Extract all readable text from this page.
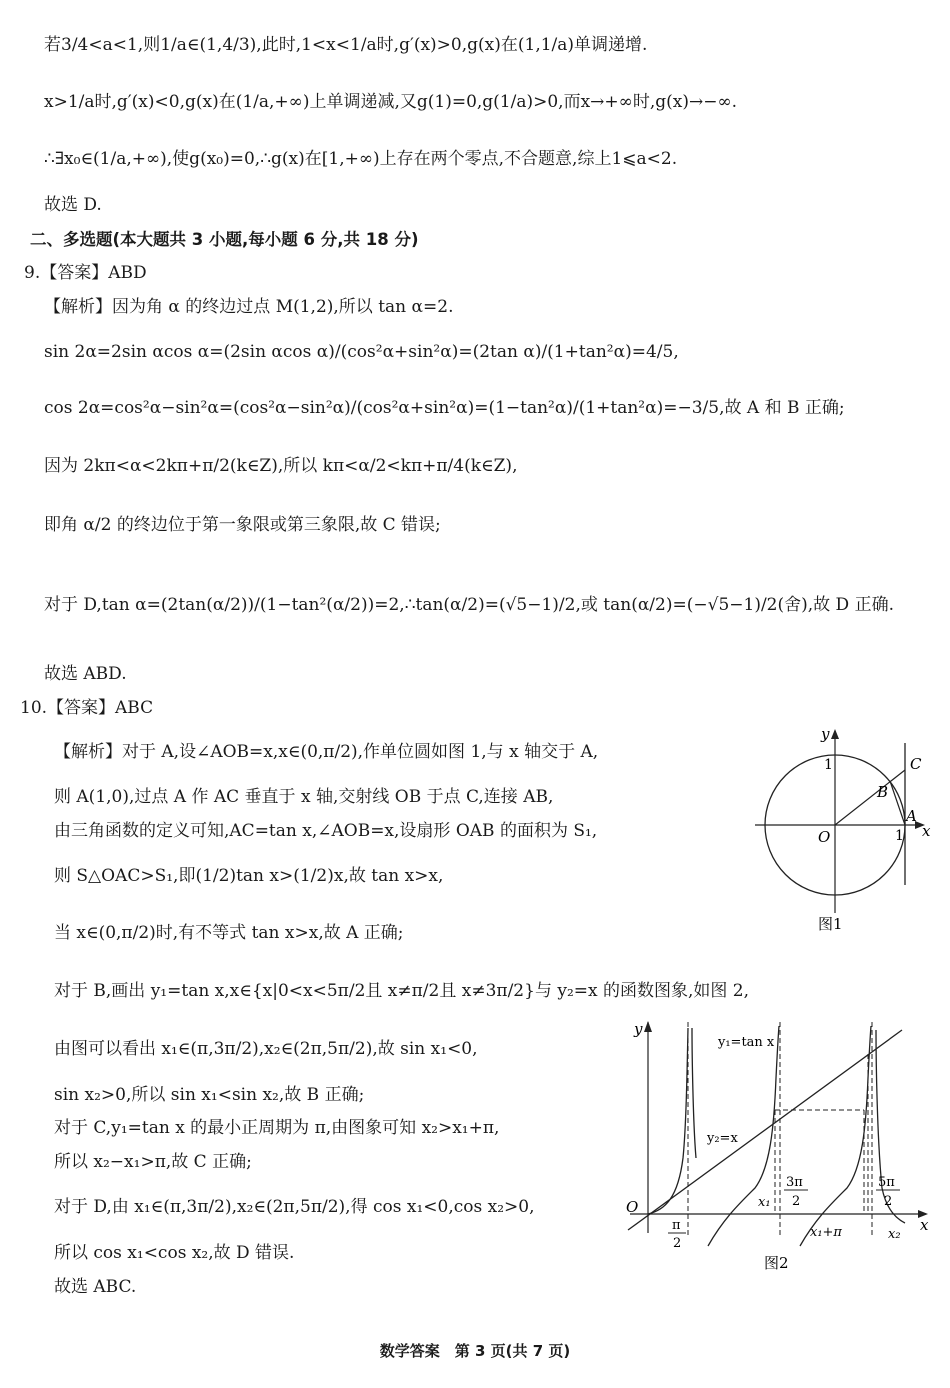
若3/4<a<1,则1/a∈(1,4/3),此时,1<x<1/a时,g′(x)>0,g(x)在(1,1/a)单调递增.
x>1/a时,g′(x)<0,g(x)在(1/a,+∞)上单调递减,又g(1)=0,g(1/a)>0,而x→+∞时,g(x)→−∞.
∴∃x₀∈(1/a,+∞),使g(x₀)=0,∴g(x)在[1,+∞)上存在两个零点,不合题意,综上1⩽a<2.
故选 D.
二、多选题(本大题共 3 小题,每小题 6 分,共 18 分)
9.【答案】ABD
【解析】因为角 α 的终边过点 M(1,2),所以 tan α=2.
sin 2α=2sin αcos α=(2sin αcos α)/(cos²α+sin²α)=(2tan α)/(1+tan²α)=4/5,
cos 2α=cos²α−sin²α=(cos²α−sin²α)/(cos²α+sin²α)=(1−tan²α)/(1+tan²α)=−3/5,故 A 和 B 正确;
因为 2kπ<α<2kπ+π/2(k∈Z),所以 kπ<α/2<kπ+π/4(k∈Z),
即角 α/2 的终边位于第一象限或第三象限,故 C 错误;
对于 D,tan α=(2tan(α/2))/(1−tan²(α/2))=2,∴tan(α/2)=(√5−1)/2,或 tan(α/2)=(−√5−1)/2(舍),故 D 正确.
故选 ABD.
10.【答案】ABC
【解析】对于 A,设∠AOB=x,x∈(0,π/2),作单位圆如图 1,与 x 轴交于 A,
则 A(1,0),过点 A 作 AC 垂直于 x 轴,交射线 OB 于点 C,连接 AB,
由三角函数的定义可知,AC=tan x,∠AOB=x,设扇形 OAB 的面积为 S₁,
则 S△OAC>S₁,即(1/2)tan x>(1/2)x,故 tan x>x,
当 x∈(0,π/2)时,有不等式 tan x>x,故 A 正确;
对于 B,画出 y₁=tan x,x∈{x|0<x<5π/2且 x≠π/2且 x≠3π/2}与 y₂=x 的函数图象,如图 2,
由图可以看出 x₁∈(π,3π/2),x₂∈(2π,5π/2),故 sin x₁<0,
sin x₂>0,所以 sin x₁<sin x₂,故 B 正确;
对于 C,y₁=tan x 的最小正周期为 π,由图象可知 x₂>x₁+π,
所以 x₂−x₁>π,故 C 正确;
对于 D,由 x₁∈(π,3π/2),x₂∈(2π,5π/2),得 cos x₁<0,cos x₂>0,
所以 cos x₁<cos x₂,故 D 错误.
故选 ABC.
y
x
O
1
1
A
B
C
图1
y
x
O
y₁=tan x
y₂=x
x₁
x₁+π	x₂
π
2
3π
2
5π
2
图2
数学答案　第 3 页(共 7 页)
